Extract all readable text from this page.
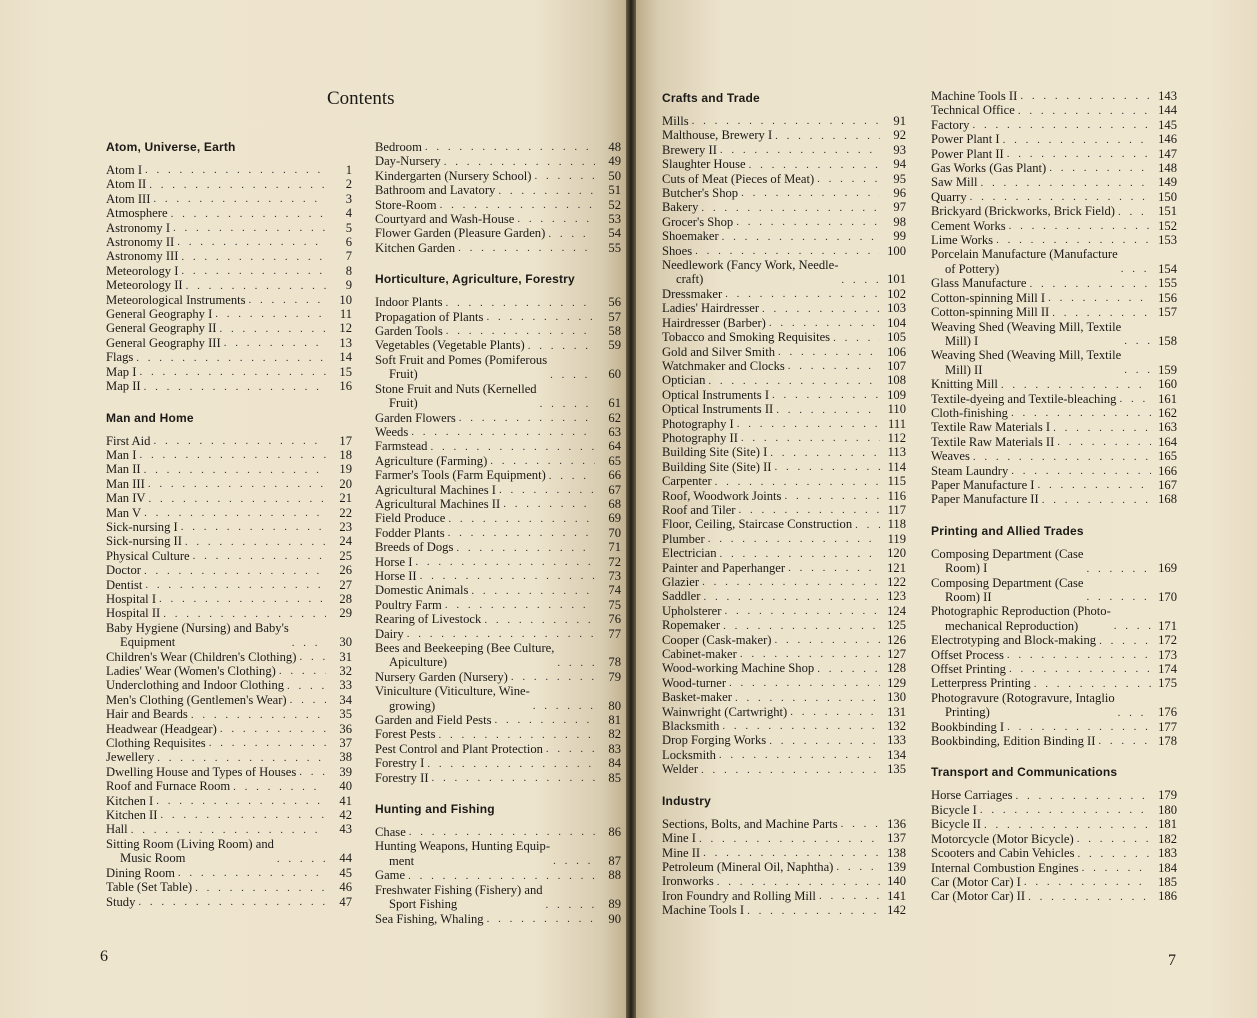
Contents
Atom, Universe, Earth
Atom I . . .	1
Atom II . . .	2
Atom III . . .	3
Atmosphere . . .	4
Astronomy I . . .	5
Astronomy II . . .	6
Astronomy III . . .	7
Meteorology I . . .	8
Meteorology II . . .	9
Meteorological Instruments . . .	10
General Geography I . . .	11
General Geography II . . .	12
General Geography III . . .	13
Flags . . .	14
Map I . . .	15
Map II . . .	16
Man and Home
First Aid . . .	17
Man I . . .	18
Man II . . .	19
Man III . . .	20
Man IV . . .	21
Man V . . .	22
Sick-nursing I . . .	23
Sick-nursing II . . .	24
Physical Culture . . .	25
Doctor . . .	26
Dentist . . .	27
Hospital I . . .	28
Hospital II . . .	29
Baby Hygiene (Nursing) and Baby's
Equipment . . .	30
Children's Wear (Children's Clothing) . . .	31
Ladies' Wear (Women's Clothing) . . .	32
Underclothing and Indoor Clothing . . .	33
Men's Clothing (Gentlemen's Wear) . . .	34
Hair and Beards . . .	35
Headwear (Headgear) . . .	36
Clothing Requisites . . .	37
Jewellery . . .	38
Dwelling House and Types of Houses . . .	39
Roof and Furnace Room . . .	40
Kitchen I . . .	41
Kitchen II . . .	42
Hall . . .	43
Sitting Room (Living Room) and
Music Room . . .	44
Dining Room . . .	45
Table (Set Table) . . .	46
Study . . .	47
Bedroom . . .	48
Day-Nursery . . .	49
Kindergarten (Nursery School) . . .	50
Bathroom and Lavatory . . .	51
Store-Room . . .	52
Courtyard and Wash-House . . .	53
Flower Garden (Pleasure Garden) . . .	54
Kitchen Garden . . .	55
Horticulture, Agriculture, Forestry
Indoor Plants . . .	56
Propagation of Plants . . .	57
Garden Tools . . .	58
Vegetables (Vegetable Plants) . . .	59
Soft Fruit and Pomes (Pomiferous
Fruit) . . .	60
Stone Fruit and Nuts (Kernelled
Fruit) . . .	61
Garden Flowers . . .	62
Weeds . . .	63
Farmstead . . .	64
Agriculture (Farming) . . .	65
Farmer's Tools (Farm Equipment) . . .	66
Agricultural Machines I . . .	67
Agricultural Machines II . . .	68
Field Produce . . .	69
Fodder Plants . . .	70
Breeds of Dogs . . .	71
Horse I . . .	72
Horse II . . .	73
Domestic Animals . . .	74
Poultry Farm . . .	75
Rearing of Livestock . . .	76
Dairy . . .	77
Bees and Beekeeping (Bee Culture,
Apiculture) . . .	78
Nursery Garden (Nursery) . . .	79
Viniculture (Viticulture, Wine-
growing) . . .	80
Garden and Field Pests . . .	81
Forest Pests . . .	82
Pest Control and Plant Protection . . .	83
Forestry I . . .	84
Forestry II . . .	85
Hunting and Fishing
Chase . . .	86
Hunting Weapons, Hunting Equip-
ment . . .	87
Game . . .	88
Freshwater Fishing (Fishery) and
Sport Fishing . . .	89
Sea Fishing, Whaling . . .	90
Crafts and Trade
Mills . . .	91
Malthouse, Brewery I . . .	92
Brewery II . . .	93
Slaughter House . . .	94
Cuts of Meat (Pieces of Meat) . . .	95
Butcher's Shop . . .	96
Bakery . . .	97
Grocer's Shop . . .	98
Shoemaker . . .	99
Shoes . . .	100
Needlework (Fancy Work, Needle-
craft) . . .	101
Dressmaker . . .	102
Ladies' Hairdresser . . .	103
Hairdresser (Barber) . . .	104
Tobacco and Smoking Requisites . . .	105
Gold and Silver Smith . . .	106
Watchmaker and Clocks . . .	107
Optician . . .	108
Optical Instruments I . . .	109
Optical Instruments II . . .	110
Photography I . . .	111
Photography II . . .	112
Building Site (Site) I . . .	113
Building Site (Site) II . . .	114
Carpenter . . .	115
Roof, Woodwork Joints . . .	116
Roof and Tiler . . .	117
Floor, Ceiling, Staircase Construction . . .	118
Plumber . . .	119
Electrician . . .	120
Painter and Paperhanger . . .	121
Glazier . . .	122
Saddler . . .	123
Upholsterer . . .	124
Ropemaker . . .	125
Cooper (Cask-maker) . . .	126
Cabinet-maker . . .	127
Wood-working Machine Shop . . .	128
Wood-turner . . .	129
Basket-maker . . .	130
Wainwright (Cartwright) . . .	131
Blacksmith . . .	132
Drop Forging Works . . .	133
Locksmith . . .	134
Welder . . .	135
Industry
Sections, Bolts, and Machine Parts . . .	136
Mine I . . .	137
Mine II . . .	138
Petroleum (Mineral Oil, Naphtha) . . .	139
Ironworks . . .	140
Iron Foundry and Rolling Mill . . .	141
Machine Tools I . . .	142
Machine Tools II . . .	143
Technical Office . . .	144
Factory . . .	145
Power Plant I . . .	146
Power Plant II . . .	147
Gas Works (Gas Plant) . . .	148
Saw Mill . . .	149
Quarry . . .	150
Brickyard (Brickworks, Brick Field) . . .	151
Cement Works . . .	152
Lime Works . . .	153
Porcelain Manufacture (Manufacture
of Pottery) . . .	154
Glass Manufacture . . .	155
Cotton-spinning Mill I . . .	156
Cotton-spinning Mill II . . .	157
Weaving Shed (Weaving Mill, Textile
Mill) I . . .	158
Weaving Shed (Weaving Mill, Textile
Mill) II . . .	159
Knitting Mill . . .	160
Textile-dyeing and Textile-bleaching . . .	161
Cloth-finishing . . .	162
Textile Raw Materials I . . .	163
Textile Raw Materials II . . .	164
Weaves . . .	165
Steam Laundry . . .	166
Paper Manufacture I . . .	167
Paper Manufacture II . . .	168
Printing and Allied Trades
Composing Department (Case
Room) I . . .	169
Composing Department (Case
Room) II . . .	170
Photographic Reproduction (Photo-
mechanical Reproduction) . . .	171
Electrotyping and Block-making . . .	172
Offset Process . . .	173
Offset Printing . . .	174
Letterpress Printing . . .	175
Photogravure (Rotogravure, Intaglio
Printing) . . .	176
Bookbinding I . . .	177
Bookbinding, Edition Binding II . . .	178
Transport and Communications
Horse Carriages . . .	179
Bicycle I . . .	180
Bicycle II . . .	181
Motorcycle (Motor Bicycle) . . .	182
Scooters and Cabin Vehicles . . .	183
Internal Combustion Engines . . .	184
Car (Motor Car) I . . .	185
Car (Motor Car) II . . .	186
6	7
